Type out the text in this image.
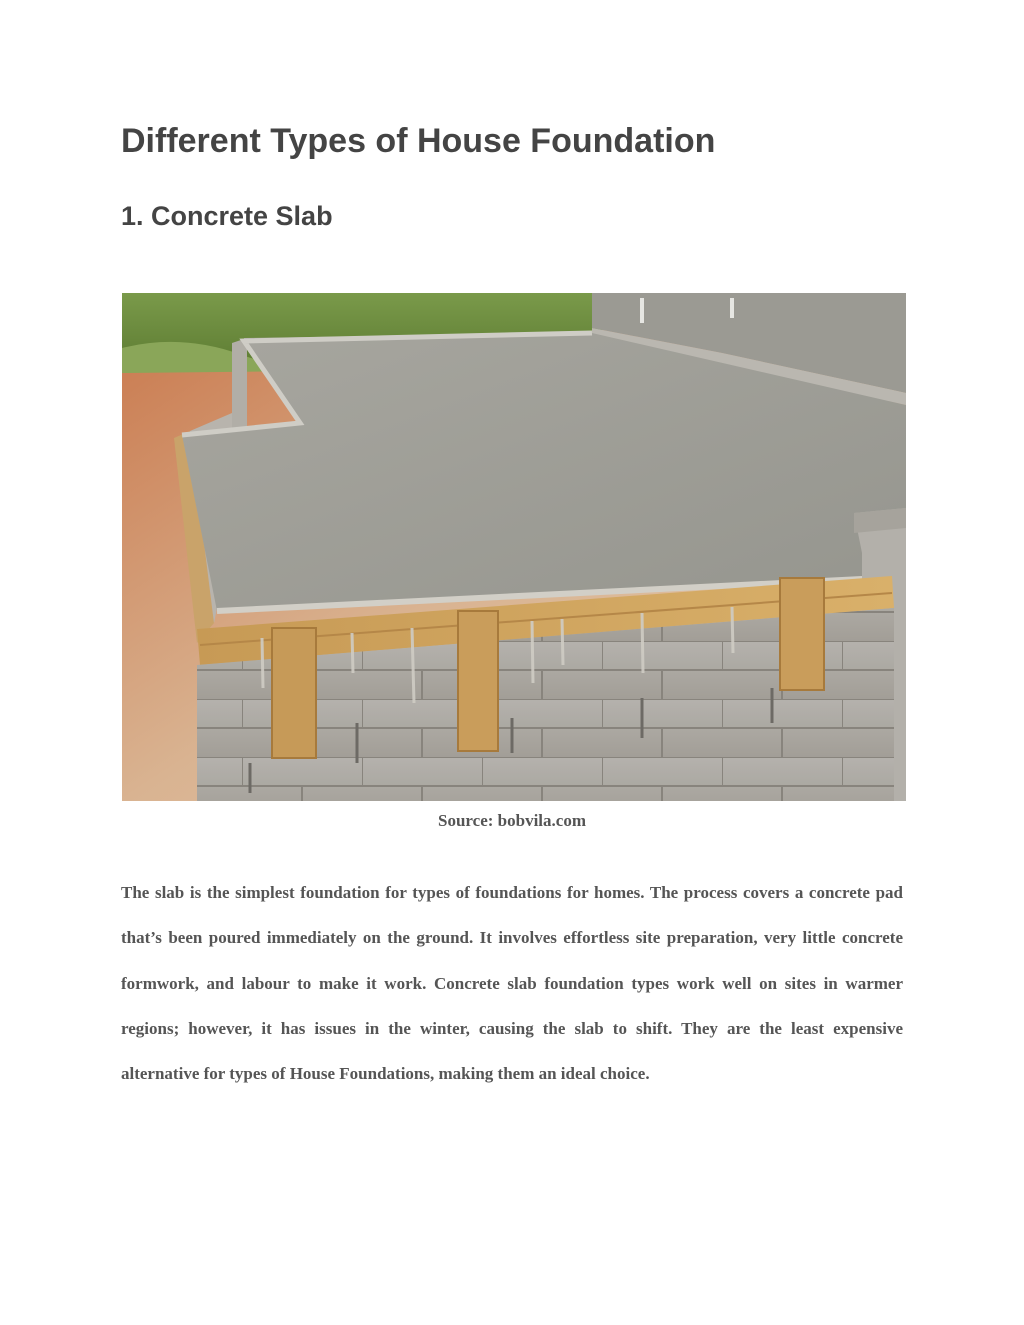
Different Types of House Foundation
1. Concrete Slab
Source: bobvila.com

The slab is the simplest foundation for types of foundations for homes. The process covers a concrete pad that’s been poured immediately on the ground. It involves effortless site preparation, very little concrete formwork, and labour to make it work. Concrete slab foundation types work well on sites in warmer regions; however, it has issues in the winter, causing the slab to shift. They are the least expensive alternative for types of House Foundations, making them an ideal choice.
